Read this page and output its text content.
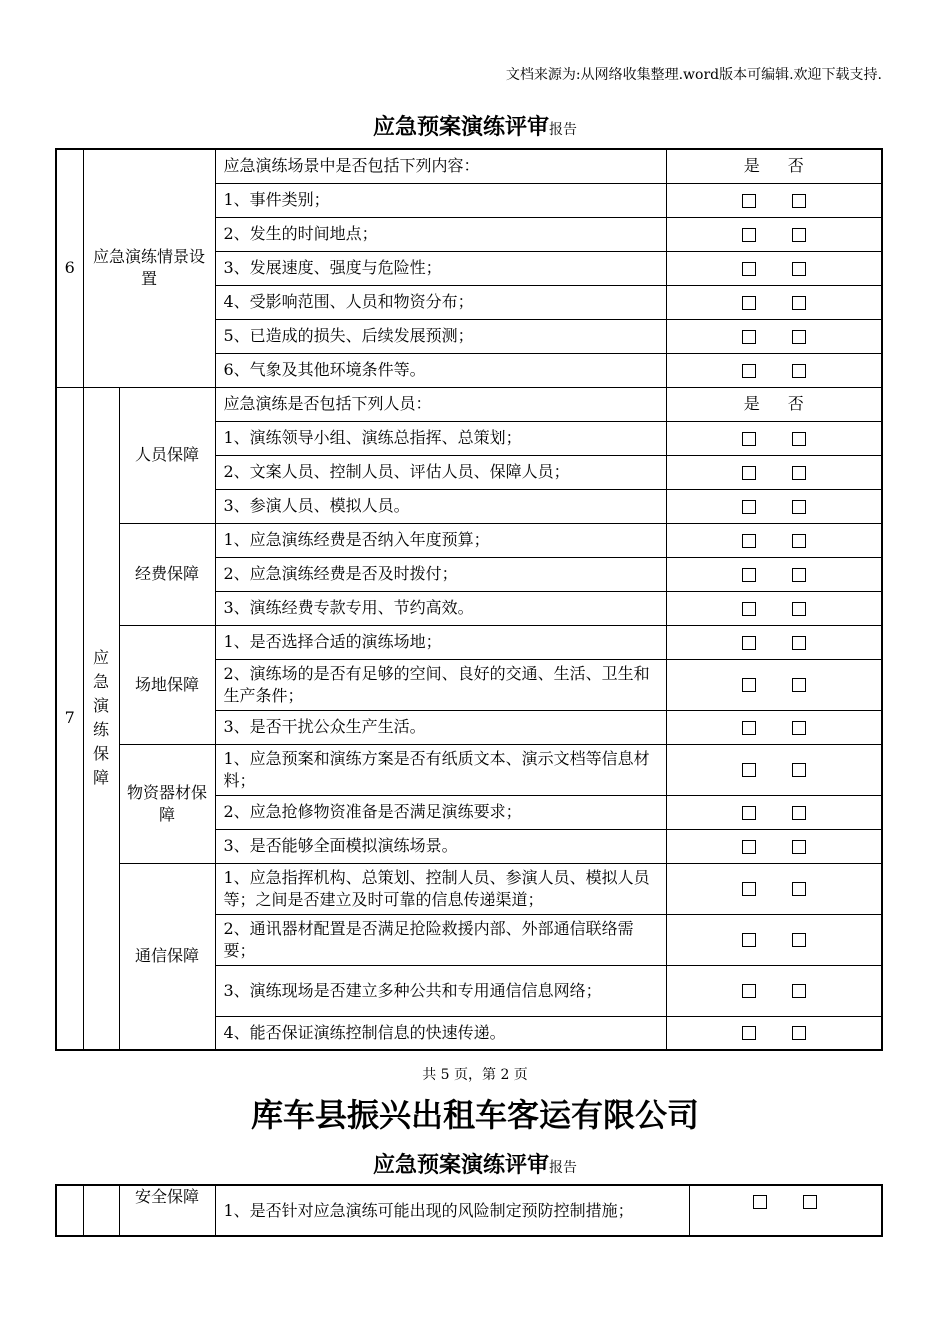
文档来源为:从网络收集整理.word版本可编辑.欢迎下载支持.
应急预案演练评审报告
6	应急演练情景设置		应急演练场景中是否包括下列内容：	是 否
			1、事件类别；	
			2、发生的时间地点；	
			3、发展速度、强度与危险性；	
			4、受影响范围、人员和物资分布；	
			5、已造成的损失、后续发展预测；	
			6、气象及其他环境条件等。	
7	应急演练保障	人员保障	应急演练是否包括下列人员：	是 否
			1、演练领导小组、演练总指挥、总策划；	
			2、文案人员、控制人员、评估人员、保障人员；	
			3、参演人员、模拟人员。	
		经费保障	1、应急演练经费是否纳入年度预算；	
			2、应急演练经费是否及时拨付；	
			3、演练经费专款专用、节约高效。	
		场地保障	1、是否选择合适的演练场地；	
			2、演练场的是否有足够的空间、良好的交通、生活、卫生和生产条件；	
			3、是否干扰公众生产生活。	
		物资器材保障	1、应急预案和演练方案是否有纸质文本、演示文档等信息材料；	
			2、应急抢修物资准备是否满足演练要求；	
			3、是否能够全面模拟演练场景。	
		通信保障	1、应急指挥机构、总策划、控制人员、参演人员、模拟人员等；之间是否建立及时可靠的信息传递渠道；	
			2、通讯器材配置是否满足抢险救援内部、外部通信联络需要；	
			3、演练现场是否建立多种公共和专用通信信息网络；	
			4、能否保证演练控制信息的快速传递。	
共 5 页，第 2 页
库车县振兴出租车客运有限公司
应急预案演练评审报告
		安全保障	1、是否针对应急演练可能出现的风险制定预防控制措施；	
